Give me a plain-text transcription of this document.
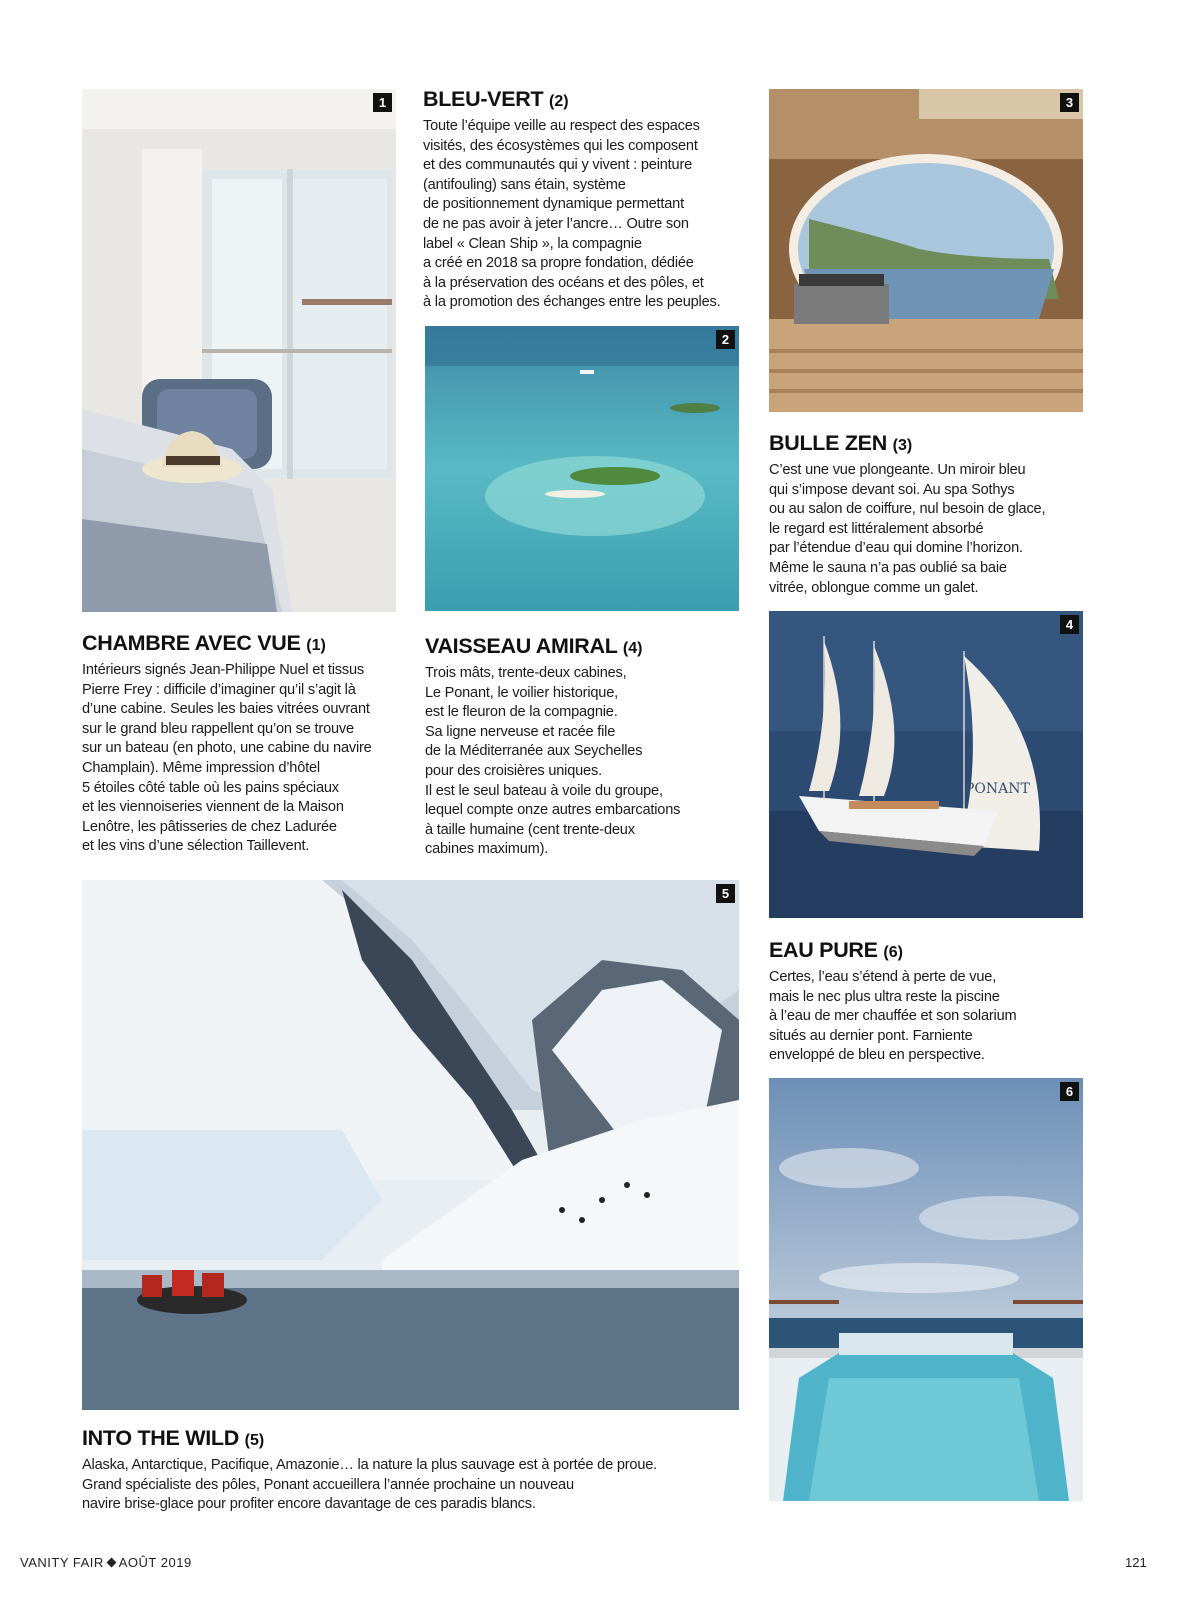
1 BLEU-VERT (2)

Toute l’équipe veille au respect des espaces
visités, des écosystèmes qui les composent
et des communautés qui y vivent : peinture
(antifouling) sans étain, système
de positionnement dynamique permettant
de ne pas avoir à jeter l’ancre… Outre son
label « Clean Ship », la compagnie
a créé en 2018 sa propre fondation, dédiée
à la préservation des océans et des pôles, et
à la promotion des échanges entre les peuples.

2
3
BULLE ZEN (3)

C’est une vue plongeante. Un miroir bleu
qui s’impose devant soi. Au spa Sothys
ou au salon de coiffure, nul besoin de glace,
le regard est littéralement absorbé
par l’étendue d’eau qui domine l’horizon.
Même le sauna n’a pas oublié sa baie
vitrée, oblongue comme un galet.

CHAMBRE AVEC VUE (1)

Intérieurs signés Jean-Philippe Nuel et tissus
Pierre Frey : difficile d’imaginer qu’il s’agit là
d’une cabine. Seules les baies vitrées ouvrant
sur le grand bleu rappellent qu’on se trouve
sur un bateau (en photo, une cabine du navire
Champlain). Même impression d’hôtel
5 étoiles côté table où les pains spéciaux
et les viennoiseries viennent de la Maison
Lenôtre, les pâtisseries de chez Ladurée
et les vins d’une sélection Taillevent.

VAISSEAU AMIRAL (4)

Trois mâts, trente-deux cabines,
Le Ponant, le voilier historique,
est le fleuron de la compagnie.
Sa ligne nerveuse et racée file
de la Méditerranée aux Seychelles
pour des croisières uniques.
Il est le seul bateau à voile du groupe,
lequel compte onze autres embarcations
à taille humaine (cent trente-deux
cabines maximum).

PONANT
4
5
EAU PURE (6)

Certes, l’eau s’étend à perte de vue,
mais le nec plus ultra reste la piscine
à l’eau de mer chauffée et son solarium
situés au dernier pont. Farniente
enveloppé de bleu en perspective.

6
INTO THE WILD (5)

Alaska, Antarctique, Pacifique, Amazonie… la nature la plus sauvage est à portée de proue.
Grand spécialiste des pôles, Ponant accueillera l’année prochaine un nouveau
navire brise-glace pour profiter encore davantage de ces paradis blancs.

VANITY FAIR AOÛT 2019	121
